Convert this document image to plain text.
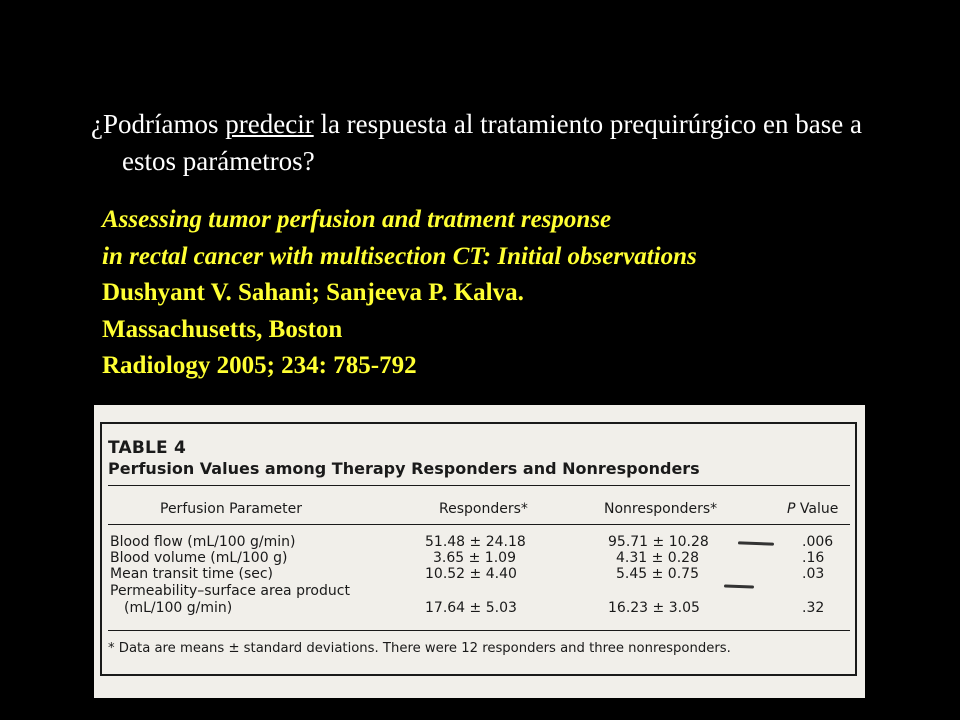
¿Podríamos predecir la respuesta al tratamiento prequirúrgico en base a estos parámetros?
Assessing tumor perfusion and tratment response
in rectal cancer with multisection CT: Initial observations
Dushyant V. Sahani; Sanjeeva P. Kalva.
Massachusetts, Boston
Radiology 2005; 234: 785-792
TABLE 4
Perfusion Values among Therapy Responders and Nonresponders
Perfusion Parameter	Responders*	Nonresponders*	P Value
Blood flow (mL/100 g/min)	51.48 ± 24.18	95.71 ± 10.28	.006
Blood volume (mL/100 g)	3.65 ± 1.09	4.31 ± 0.28	.16
Mean transit time (sec)	10.52 ± 4.40	5.45 ± 0.75	.03
Permeability–surface area product
(mL/100 g/min)	17.64 ± 5.03	16.23 ± 3.05	.32
* Data are means ± standard deviations. There were 12 responders and three nonresponders.
